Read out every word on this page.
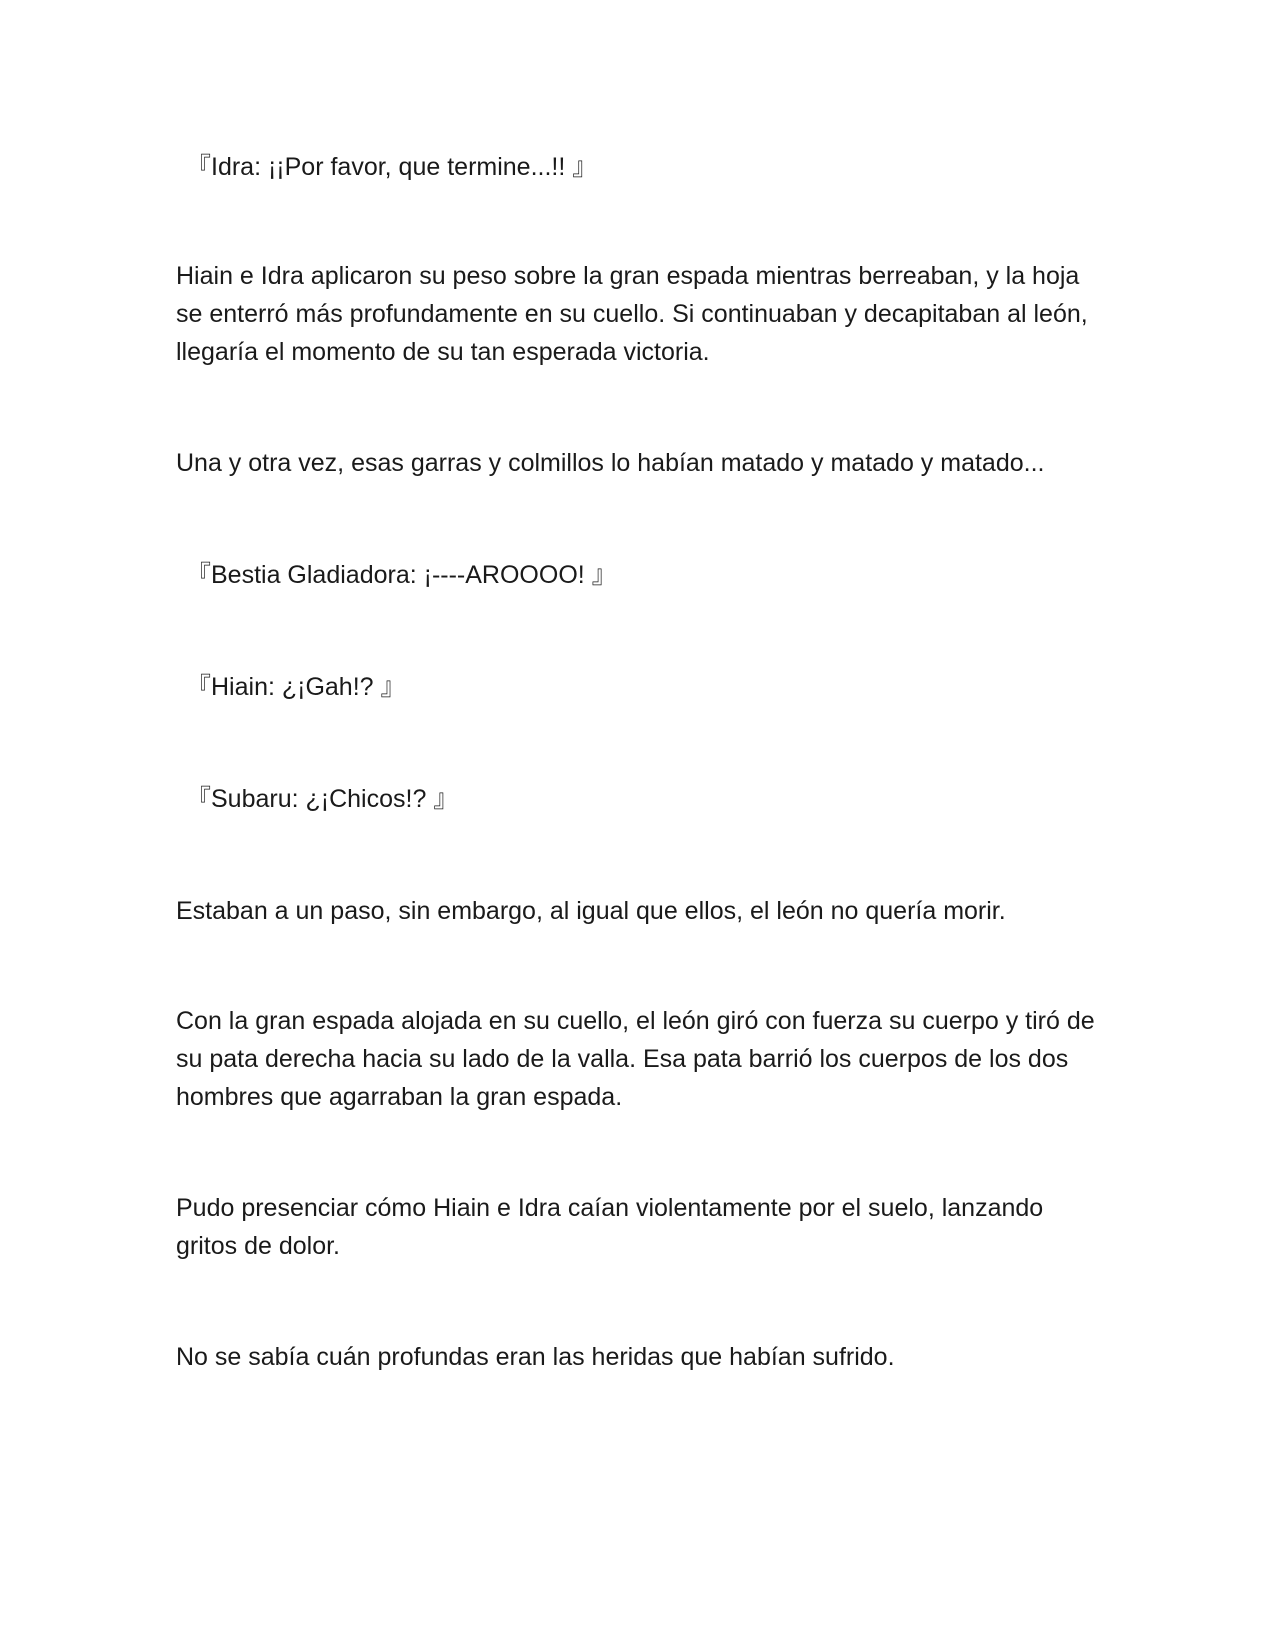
『Idra: ¡¡Por favor, que termine...!! 』

Hiain e Idra aplicaron su peso sobre la gran espada mientras berreaban, y la hoja se enterró más profundamente en su cuello. Si continuaban y decapitaban al león, llegaría el momento de su tan esperada victoria.

Una y otra vez, esas garras y colmillos lo habían matado y matado y matado...

『Bestia Gladiadora: ¡----AROOOO! 』

『Hiain: ¿¡Gah!? 』

『Subaru: ¿¡Chicos!? 』

Estaban a un paso, sin embargo, al igual que ellos, el león no quería morir.

Con la gran espada alojada en su cuello, el león giró con fuerza su cuerpo y tiró de su pata derecha hacia su lado de la valla. Esa pata barrió los cuerpos de los dos hombres que agarraban la gran espada.

Pudo presenciar cómo Hiain e Idra caían violentamente por el suelo, lanzando gritos de dolor.

No se sabía cuán profundas eran las heridas que habían sufrido.
